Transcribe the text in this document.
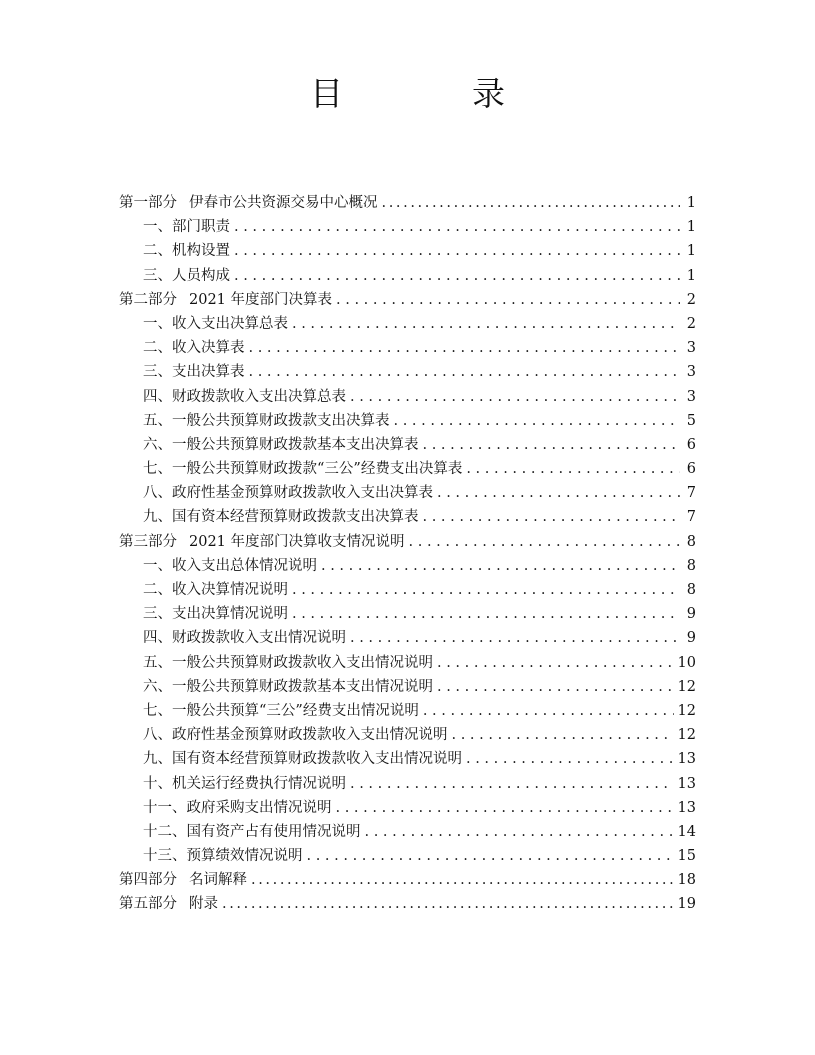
目　录
第一部分 伊春市公共资源交易中心概况 .....	1
一、部门职责 . . .	1
二、机构设置 . . .	1
三、人员构成 . . .	1
第二部分 2021 年度部门决算表 . . .	2
一、收入支出决算总表 . . .	2
二、收入决算表 . . .	3
三、支出决算表 . . .	3
四、财政拨款收入支出决算总表 . . .	3
五、一般公共预算财政拨款支出决算表 . . .	5
六、一般公共预算财政拨款基本支出决算表 . . .	6
七、一般公共预算财政拨款“三公”经费支出决算表 . . .	6
八、政府性基金预算财政拨款收入支出决算表 . . .	7
九、国有资本经营预算财政拨款支出决算表 . . .	7
第三部分 2021 年度部门决算收支情况说明 . . .	8
一、收入支出总体情况说明 . . .	8
二、收入决算情况说明 . . .	8
三、支出决算情况说明 . . .	9
四、财政拨款收入支出情况说明 . . .	9
五、一般公共预算财政拨款收入支出情况说明 . . .	10
六、一般公共预算财政拨款基本支出情况说明 . . .	12
七、一般公共预算“三公”经费支出情况说明 . . .	12
八、政府性基金预算财政拨款收入支出情况说明 . . .	12
九、国有资本经营预算财政拨款收入支出情况说明 . . .	13
十、机关运行经费执行情况说明 . . .	13
十一、政府采购支出情况说明 . . .	13
十二、国有资产占有使用情况说明 . . .	14
十三、预算绩效情况说明 . . .	15
第四部分 名词解释 .....	18
第五部分 附录 .....	19
